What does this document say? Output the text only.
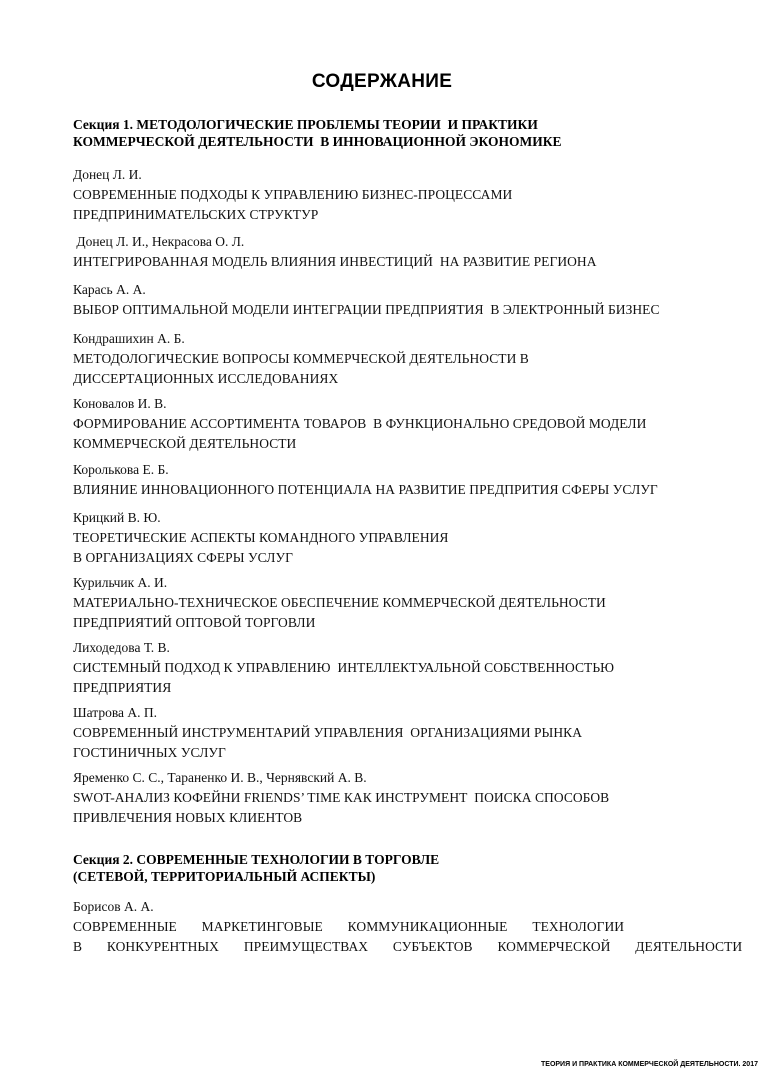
СОДЕРЖАНИЕ
Секция 1. МЕТОДОЛОГИЧЕСКИЕ ПРОБЛЕМЫ ТЕОРИИ  И ПРАКТИКИ
КОММЕРЧЕСКОЙ ДЕЯТЕЛЬНОСТИ  В ИННОВАЦИОННОЙ ЭКОНОМИКЕ
Донец Л. И.
СОВРЕМЕННЫЕ ПОДХОДЫ К УПРАВЛЕНИЮ БИЗНЕС-ПРОЦЕССАМИ
ПРЕДПРИНИМАТЕЛЬСКИХ СТРУКТУР
Донец Л. И., Некрасова О. Л.
ИНТЕГРИРОВАННАЯ МОДЕЛЬ ВЛИЯНИЯ ИНВЕСТИЦИЙ  НА РАЗВИТИЕ РЕГИОНА
Карась А. А.
ВЫБОР ОПТИМАЛЬНОЙ МОДЕЛИ ИНТЕГРАЦИИ ПРЕДПРИЯТИЯ  В ЭЛЕКТРОННЫЙ БИЗНЕС
Кондрашихин А. Б.
МЕТОДОЛОГИЧЕСКИЕ ВОПРОСЫ КОММЕРЧЕСКОЙ ДЕЯТЕЛЬНОСТИ В
ДИССЕРТАЦИОННЫХ ИССЛЕДОВАНИЯХ
Коновалов И. В.
ФОРМИРОВАНИЕ АССОРТИМЕНТА ТОВАРОВ  В ФУНКЦИОНАЛЬНО СРЕДОВОЙ МОДЕЛИ
КОММЕРЧЕСКОЙ ДЕЯТЕЛЬНОСТИ
Королькова Е. Б.
ВЛИЯНИЕ ИННОВАЦИОННОГО ПОТЕНЦИАЛА НА РАЗВИТИЕ ПРЕДПРИТИЯ СФЕРЫ УСЛУГ
Крицкий В. Ю.
ТЕОРЕТИЧЕСКИЕ АСПЕКТЫ КОМАНДНОГО УПРАВЛЕНИЯ
В ОРГАНИЗАЦИЯХ СФЕРЫ УСЛУГ
Курильчик А. И.
МАТЕРИАЛЬНО-ТЕХНИЧЕСКОЕ ОБЕСПЕЧЕНИЕ КОММЕРЧЕСКОЙ ДЕЯТЕЛЬНОСТИ
ПРЕДПРИЯТИЙ ОПТОВОЙ ТОРГОВЛИ
Лиходедова Т. В.
СИСТЕМНЫЙ ПОДХОД К УПРАВЛЕНИЮ  ИНТЕЛЛЕКТУАЛЬНОЙ СОБСТВЕННОСТЬЮ
ПРЕДПРИЯТИЯ
Шатрова А. П.
СОВРЕМЕННЫЙ ИНСТРУМЕНТАРИЙ УПРАВЛЕНИЯ  ОРГАНИЗАЦИЯМИ РЫНКА
ГОСТИНИЧНЫХ УСЛУГ
Яременко С. С., Тараненко И. В., Чернявский А. В.
SWOT-АНАЛИЗ КОФЕЙНИ FRIENDS’ TIME КАК ИНСТРУМЕНТ  ПОИСКА СПОСОБОВ
ПРИВЛЕЧЕНИЯ НОВЫХ КЛИЕНТОВ
Секция 2. СОВРЕМЕННЫЕ ТЕХНОЛОГИИ В ТОРГОВЛЕ
(СЕТЕВОЙ, ТЕРРИТОРИАЛЬНЫЙ АСПЕКТЫ)
Борисов А. А.
СОВРЕМЕННЫЕ  МАРКЕТИНГОВЫЕ  КОММУНИКАЦИОННЫЕ  ТЕХНОЛОГИИ
В  КОНКУРЕНТНЫХ  ПРЕИМУЩЕСТВАХ  СУБЪЕКТОВ  КОММЕРЧЕСКОЙ  ДЕЯТЕЛЬНОСТИ
ТЕОРИЯ И ПРАКТИКА КОММЕРЧЕСКОЙ ДЕЯТЕЛЬНОСТИ. 2017
